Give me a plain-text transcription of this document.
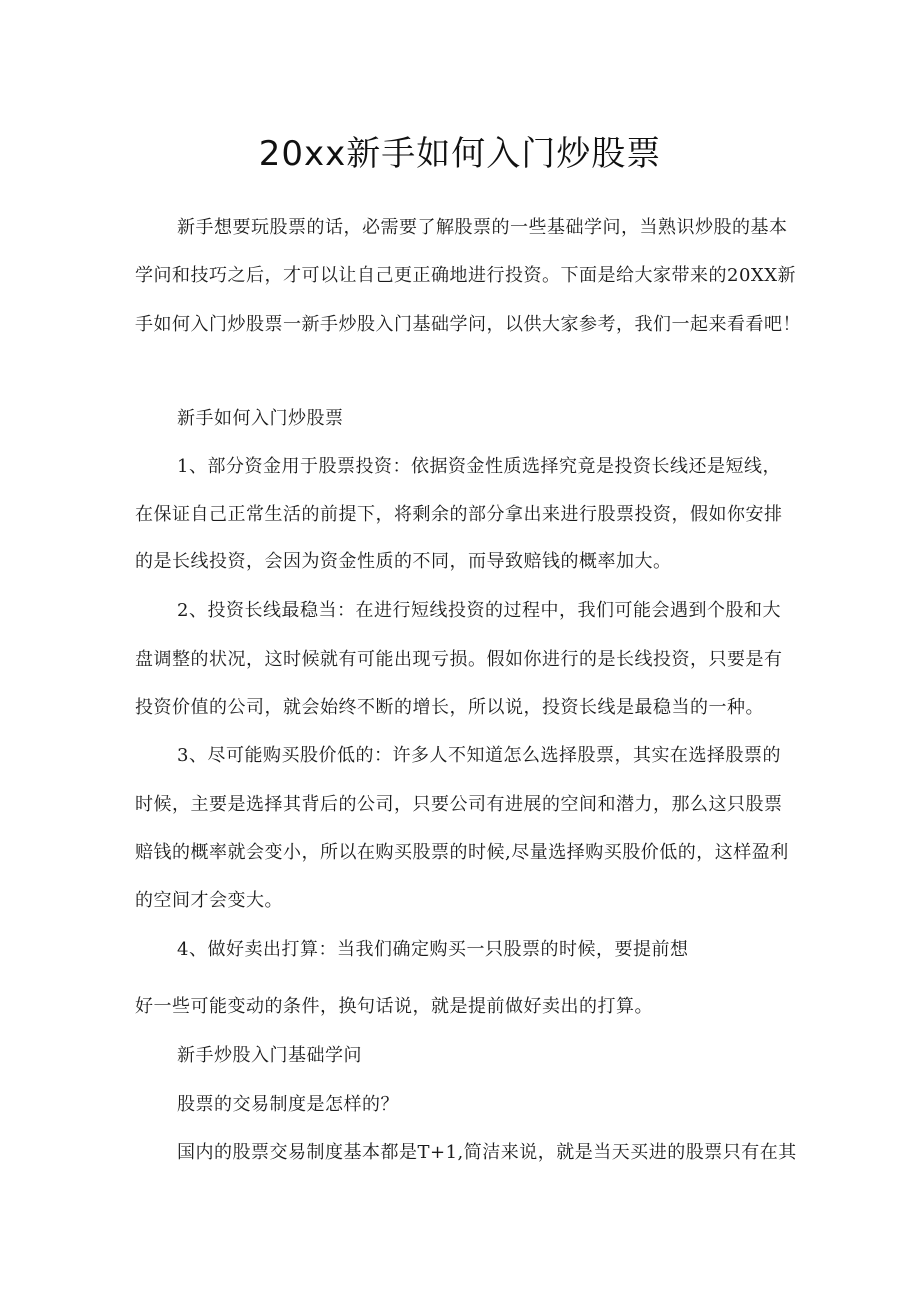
20xx新手如何入门炒股票
新手想要玩股票的话，必需要了解股票的一些基础学问，当熟识炒股的基本
学问和技巧之后，才可以让自己更正确地进行投资。下面是给大家带来的20XX新
手如何入门炒股票一新手炒股入门基础学问，以供大家参考，我们一起来看看吧！
新手如何入门炒股票
1、部分资金用于股票投资：依据资金性质选择究竟是投资长线还是短线，
在保证自己正常生活的前提下，将剩余的部分拿出来进行股票投资，假如你安排
的是长线投资，会因为资金性质的不同，而导致赔钱的概率加大。
2、投资长线最稳当：在进行短线投资的过程中，我们可能会遇到个股和大
盘调整的状况，这时候就有可能出现亏损。假如你进行的是长线投资，只要是有
投资价值的公司，就会始终不断的增长，所以说，投资长线是最稳当的一种。
3、尽可能购买股价低的：许多人不知道怎么选择股票，其实在选择股票的
时候，主要是选择其背后的公司，只要公司有进展的空间和潜力，那么这只股票
赔钱的概率就会变小，所以在购买股票的时候,尽量选择购买股价低的，这样盈利
的空间才会变大。
4、做好卖出打算：当我们确定购买一只股票的时候，要提前想
好一些可能变动的条件，换句话说，就是提前做好卖出的打算。
新手炒股入门基础学问
股票的交易制度是怎样的？
国内的股票交易制度基本都是T+1,简洁来说，就是当天买进的股票只有在其
